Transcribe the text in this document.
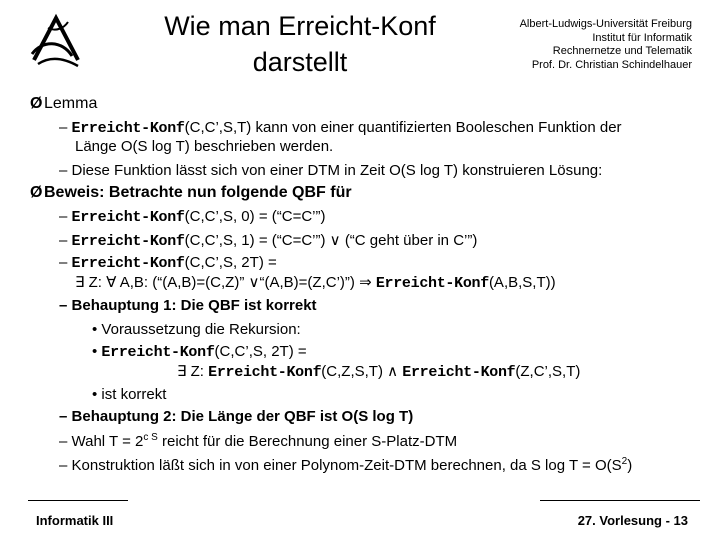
Wie man Erreicht-Konf
darstellt
Albert-Ludwigs-Universität Freiburg
Institut für Informatik
Rechnernetze und Telematik
Prof. Dr. Christian Schindelhauer
ØLemma
– Erreicht-Konf(C,C’,S,T) kann von einer quantifizierten Booleschen Funktion der
Länge O(S log T) beschrieben werden.
– Diese Funktion lässt sich von einer DTM in Zeit O(S log T) konstruieren Lösung:
ØBeweis: Betrachte nun folgende QBF für
– Erreicht-Konf(C,C’,S, 0) = (“C=C’”)
– Erreicht-Konf(C,C’,S, 1) = (“C=C’”) ∨ (“C geht über in C’”)
– Erreicht-Konf(C,C’,S, 2T) =
∃ Z: ∀ A,B: (“(A,B)=(C,Z)” ∨“(A,B)=(Z,C’)”) ⇒ Erreicht-Konf(A,B,S,T))
– Behauptung 1: Die QBF ist korrekt
• Voraussetzung die Rekursion:
• Erreicht-Konf(C,C’,S, 2T) =
∃ Z: Erreicht-Konf(C,Z,S,T) ∧ Erreicht-Konf(Z,C’,S,T)
• ist korrekt
– Behauptung 2: Die Länge der QBF ist O(S log T)
– Wahl $T = 2^{c S}$ reicht für die Berechnung einer S-Platz-DTM
– Konstruktion läßt sich in von einer Polynom-Zeit-DTM berechnen, da S $\log T = O(S^2)$
Informatik III	27. Vorlesung - 13
